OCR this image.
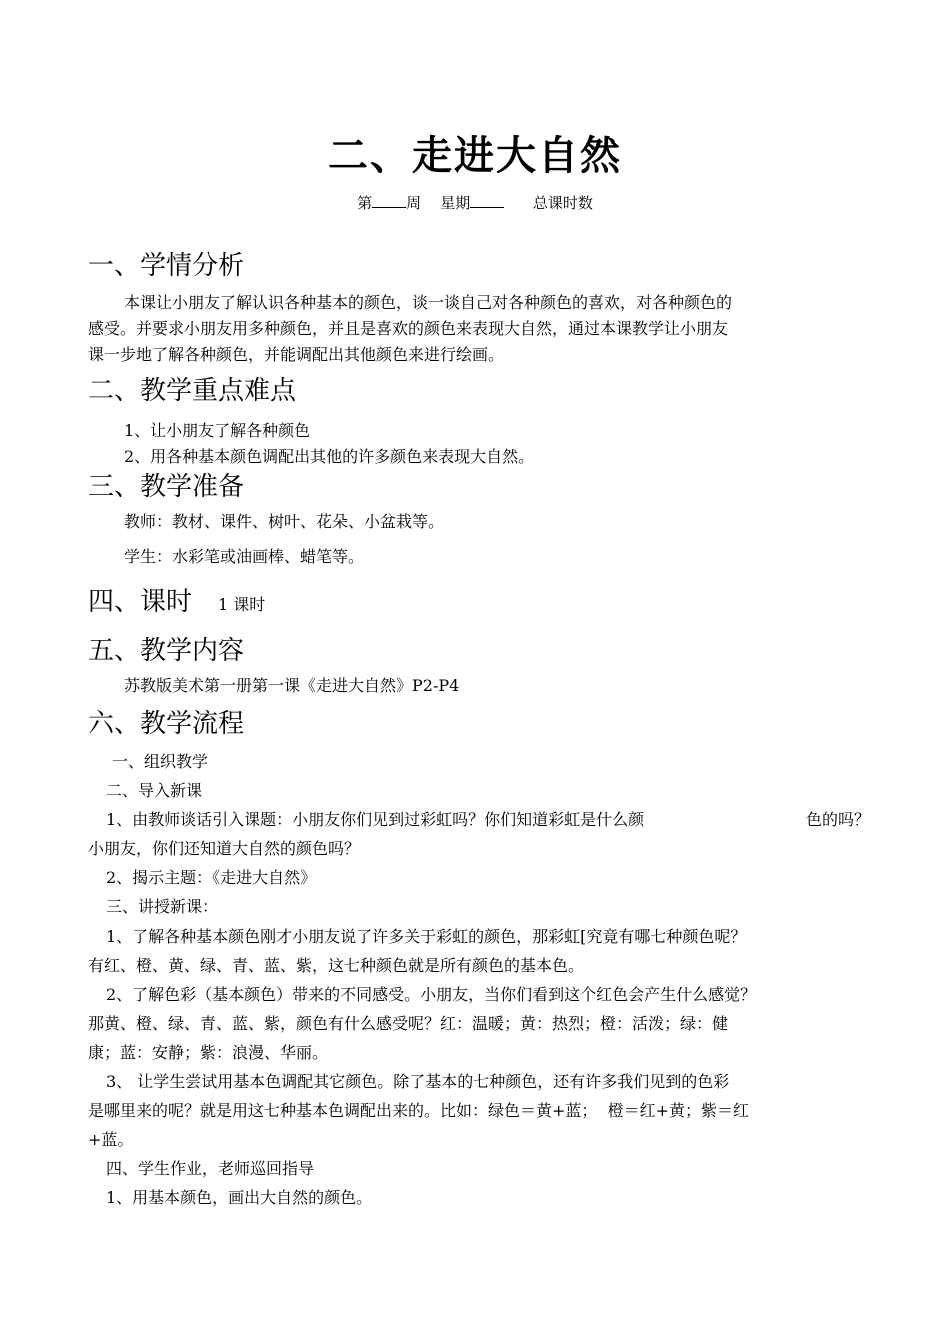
二、走进大自然
第 周 星期	总课时数
一、学情分析
本课让小朋友了解认识各种基本的颜色，谈一谈自己对各种颜色的喜欢，对各种颜色的
感受。并要求小朋友用多种颜色，并且是喜欢的颜色来表现大自然，通过本课教学让小朋友
课一步地了解各种颜色，并能调配出其他颜色来进行绘画。
二、教学重点难点
1、让小朋友了解各种颜色
2、用各种基本颜色调配出其他的许多颜色来表现大自然。
三、教学准备
教师：教材、课件、树叶、花朵、小盆栽等。
学生：水彩笔或油画棒、蜡笔等。
四、课时 1 课时
五、教学内容
苏教版美术第一册第一课《走进大自然》P2-P4
六、教学流程
一、组织教学
二、导入新课
1、由教师谈话引入课题：小朋友你们见到过彩虹吗？你们知道彩虹是什么颜	色的吗？
小朋友，你们还知道大自然的颜色吗？
2、揭示主题：《走进大自然》
三、讲授新课：
1、了解各种基本颜色刚才小朋友说了许多关于彩虹的颜色，那彩虹[究竟有哪七种颜色呢？
有红、橙、黄、绿、青、蓝、紫，这七种颜色就是所有颜色的基本色。
2、了解色彩（基本颜色）带来的不同感受。小朋友，当你们看到这个红色会产生什么感觉？
那黄、橙、绿、青、蓝、紫，颜色有什么感受呢？红：温暖；黄：热烈；橙：活泼；绿：健
康；蓝：安静；紫：浪漫、华丽。
3、 让学生尝试用基本色调配其它颜色。除了基本的七种颜色，还有许多我们见到的色彩
是哪里来的呢？就是用这七种基本色调配出来的。比如：绿色＝黄+蓝；  橙＝红+黄；紫＝红
+蓝。
四、学生作业，老师巡回指导
1、用基本颜色，画出大自然的颜色。
